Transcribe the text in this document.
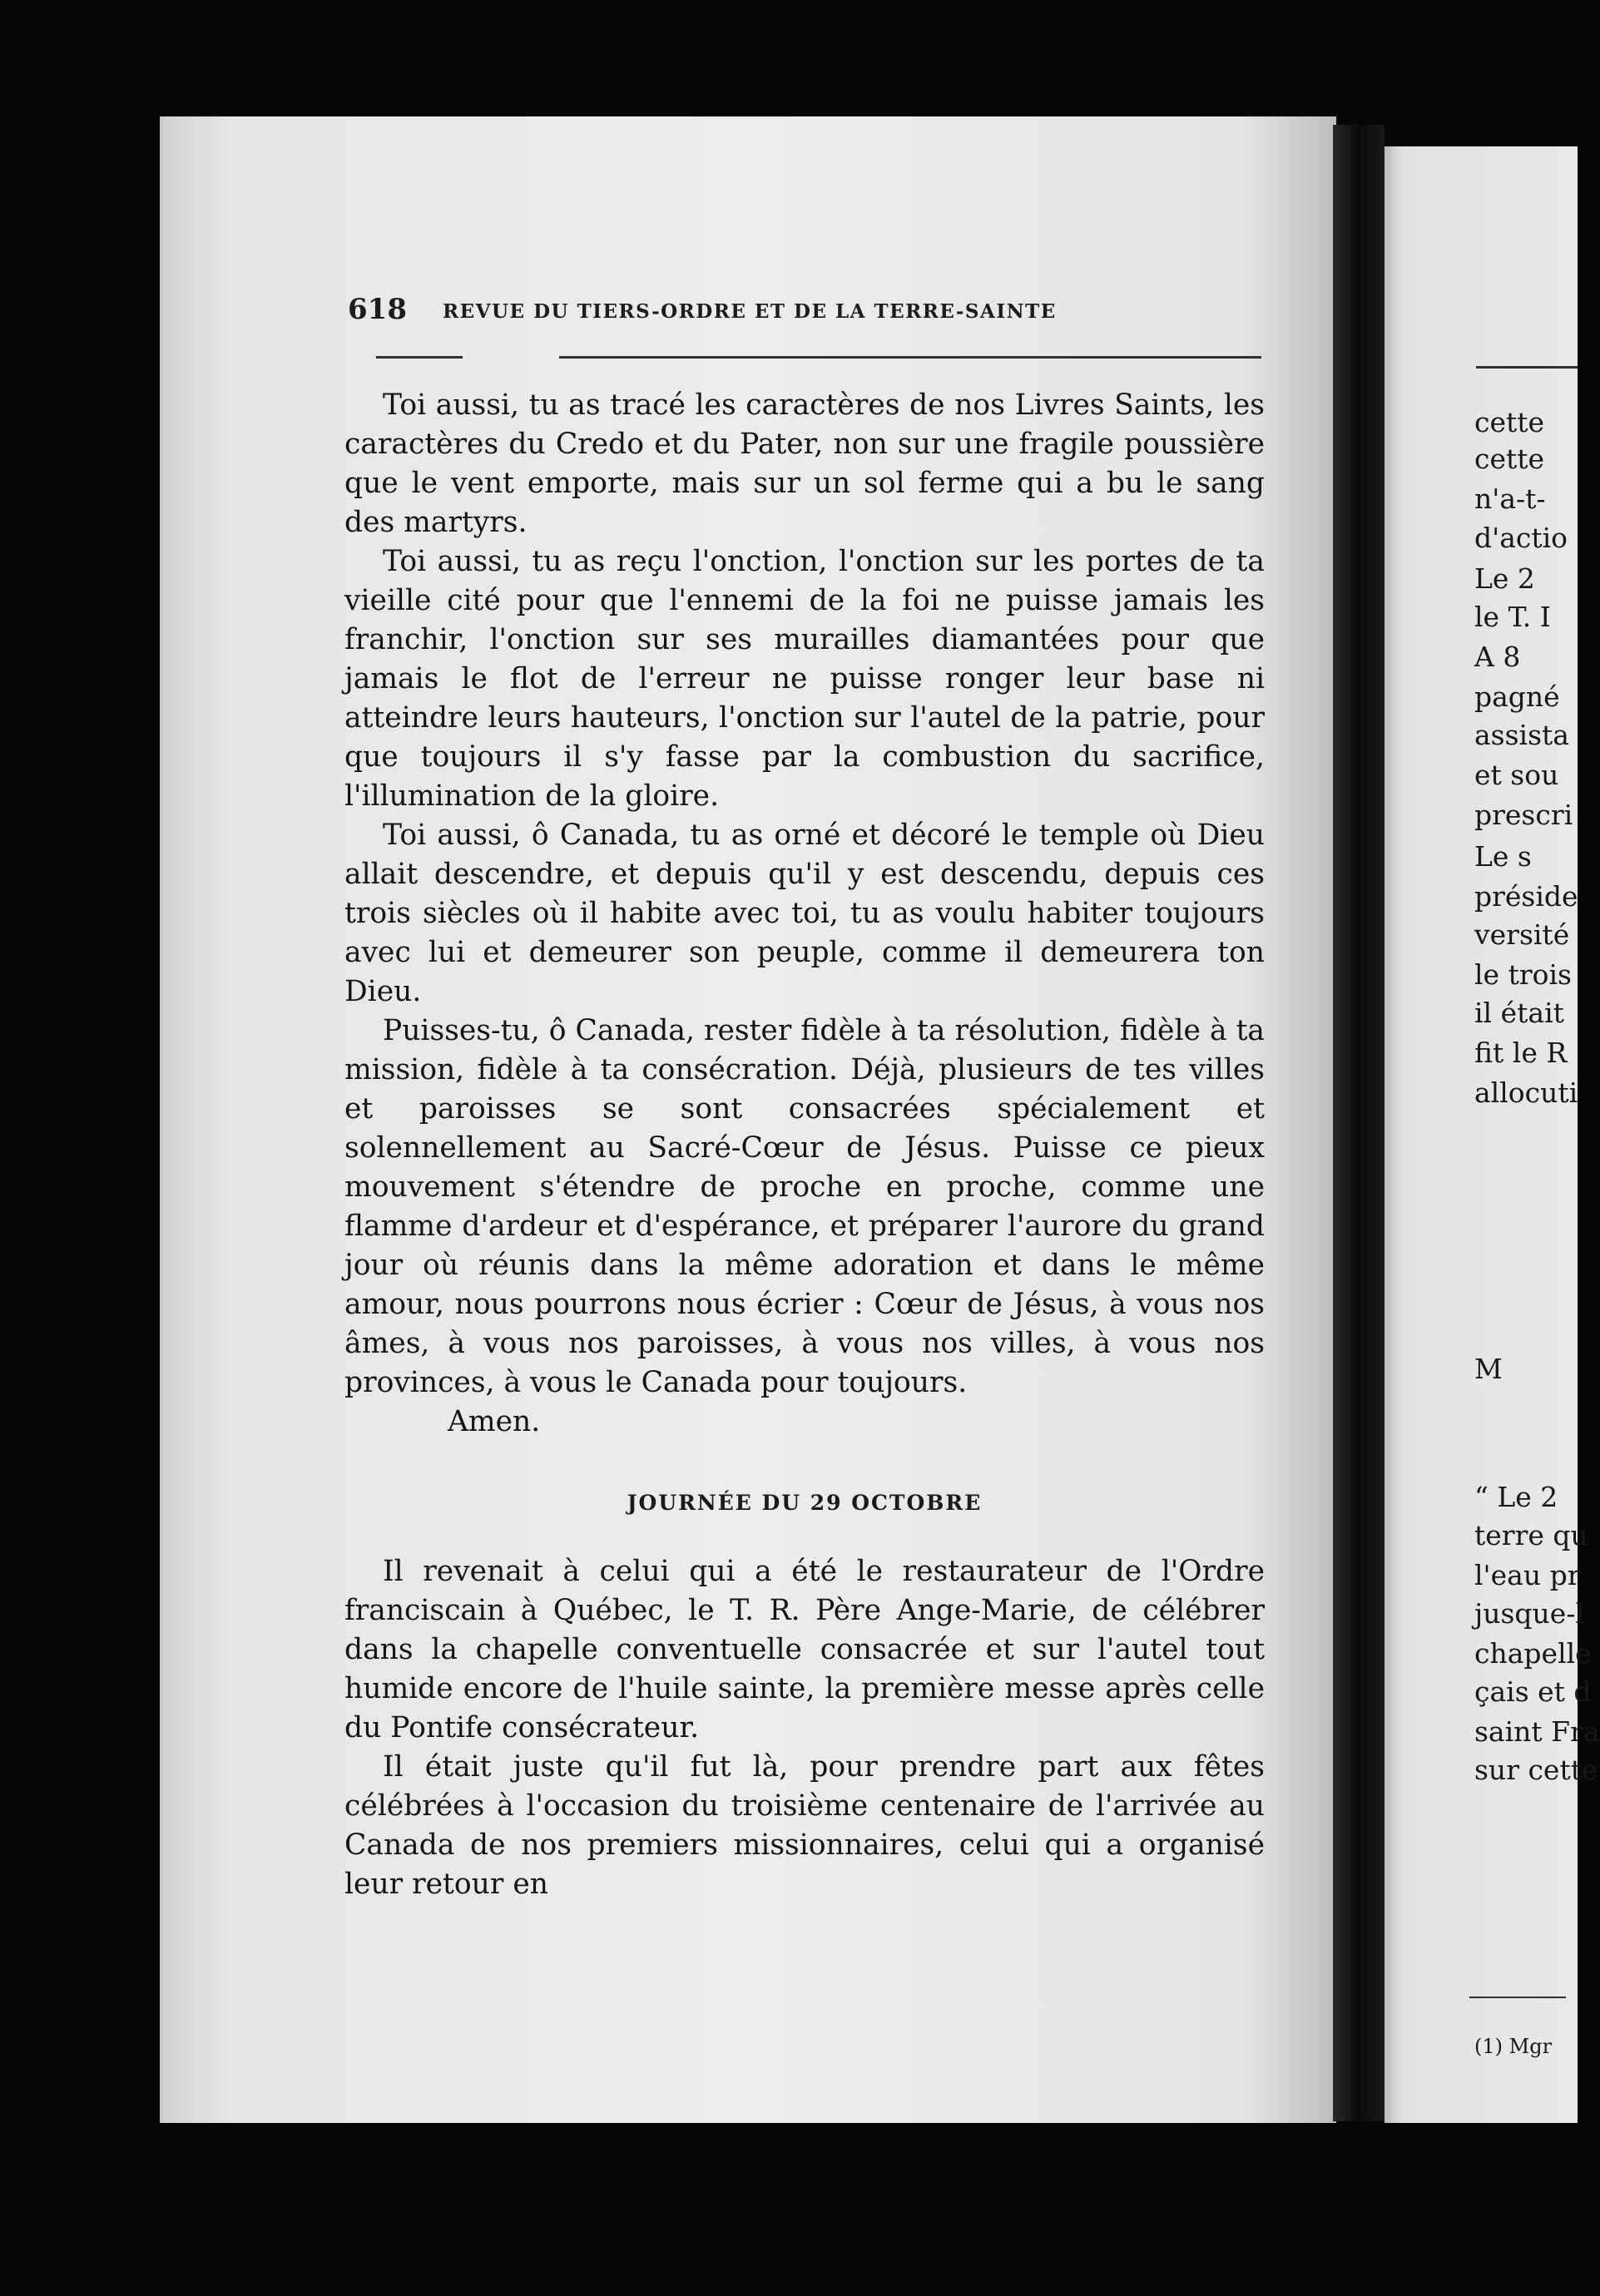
618 REVUE DU TIERS-ORDRE ET DE LA TERRE-SAINTE

Toi aussi, tu as tracé les caractères de nos Livres Saints, les caractères du Credo et du Pater, non sur une fragile poussière que le vent emporte, mais sur un sol ferme qui a bu le sang des martyrs.

Toi aussi, tu as reçu l'onction, l'onction sur les portes de ta vieille cité pour que l'ennemi de la foi ne puisse jamais les franchir, l'onction sur ses murailles diamantées pour que jamais le flot de l'erreur ne puisse ronger leur base ni atteindre leurs hauteurs, l'onction sur l'autel de la patrie, pour que toujours il s'y fasse par la combustion du sacrifice, l'illumination de la gloire.

Toi aussi, ô Canada, tu as orné et décoré le temple où Dieu allait descendre, et depuis qu'il y est descendu, depuis ces trois siècles où il habite avec toi, tu as voulu habiter toujours avec lui et demeurer son peuple, comme il demeurera ton Dieu.

Puisses-tu, ô Canada, rester fidèle à ta résolution, fidèle à ta mission, fidèle à ta consécration. Déjà, plusieurs de tes villes et paroisses se sont consacrées spécialement et solennellement au Sacré-Cœur de Jésus. Puisse ce pieux mouvement s'étendre de proche en proche, comme une flamme d'ardeur et d'espérance, et préparer l'aurore du grand jour où réunis dans la même adoration et dans le même amour, nous pourrons nous écrier : Cœur de Jésus, à vous nos âmes, à vous nos paroisses, à vous nos villes, à vous nos provinces, à vous le Canada pour toujours.

Amen.

JOURNÉE DU 29 OCTOBRE

Il revenait à celui qui a été le restaurateur de l'Ordre franciscain à Québec, le T. R. Père Ange-Marie, de célébrer dans la chapelle conventuelle consacrée et sur l'autel tout humide encore de l'huile sainte, la première messe après celle du Pontife consécrateur.

Il était juste qu'il fut là, pour prendre part aux fêtes célébrées à l'occasion du troisième centenaire de l'arrivée au Canada de nos premiers missionnaires, celui qui a organisé leur retour en

cette
cette
n'a-t-
d'actio
Le 2
le T. I
A 8
pagné
assista
et sou
prescri
Le s
préside
versité
le trois
il était
fit le R
allocuti
M
“ Le 2
terre qu
l'eau pr
jusque-l
chapelle
çais et d
saint Fra
sur cette
(1) Mgr
